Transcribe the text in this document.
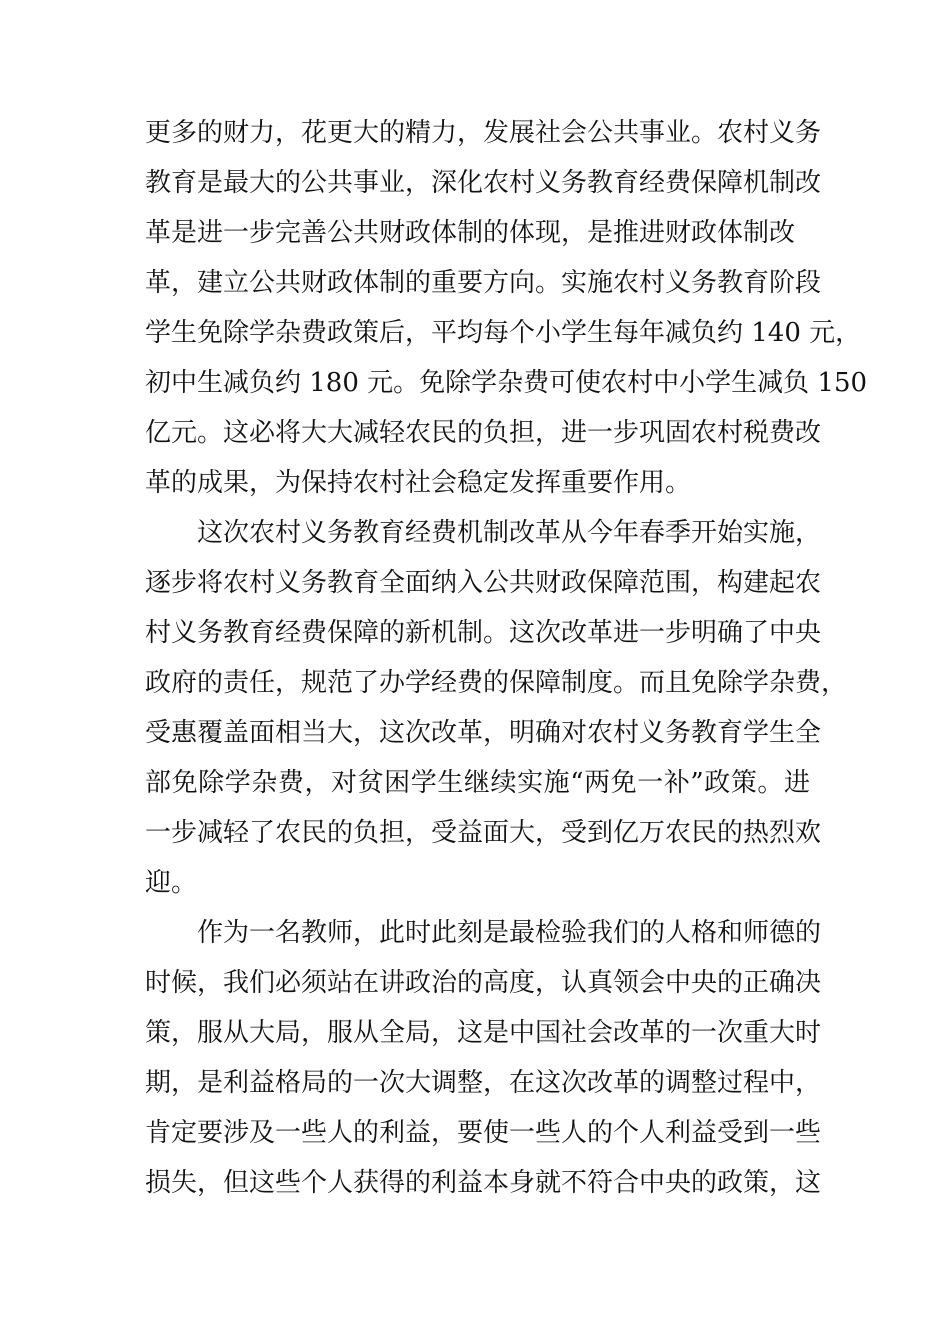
更多的财力，花更大的精力，发展社会公共事业。农村义务
教育是最大的公共事业，深化农村义务教育经费保障机制改
革是进一步完善公共财政体制的体现，是推进财政体制改
革，建立公共财政体制的重要方向。实施农村义务教育阶段
学生免除学杂费政策后，平均每个小学生每年减负约 140 元，
初中生减负约 180 元。免除学杂费可使农村中小学生减负 150
亿元。这必将大大减轻农民的负担，进一步巩固农村税费改
革的成果，为保持农村社会稳定发挥重要作用。
这次农村义务教育经费机制改革从今年春季开始实施，
逐步将农村义务教育全面纳入公共财政保障范围，构建起农
村义务教育经费保障的新机制。这次改革进一步明确了中央
政府的责任，规范了办学经费的保障制度。而且免除学杂费，
受惠覆盖面相当大，这次改革，明确对农村义务教育学生全
部免除学杂费，对贫困学生继续实施“两免一补”政策。进
一步减轻了农民的负担，受益面大，受到亿万农民的热烈欢
迎。
作为一名教师，此时此刻是最检验我们的人格和师德的
时候，我们必须站在讲政治的高度，认真领会中央的正确决
策，服从大局，服从全局，这是中国社会改革的一次重大时
期，是利益格局的一次大调整，在这次改革的调整过程中，
肯定要涉及一些人的利益，要使一些人的个人利益受到一些
损失，但这些个人获得的利益本身就不符合中央的政策，这
